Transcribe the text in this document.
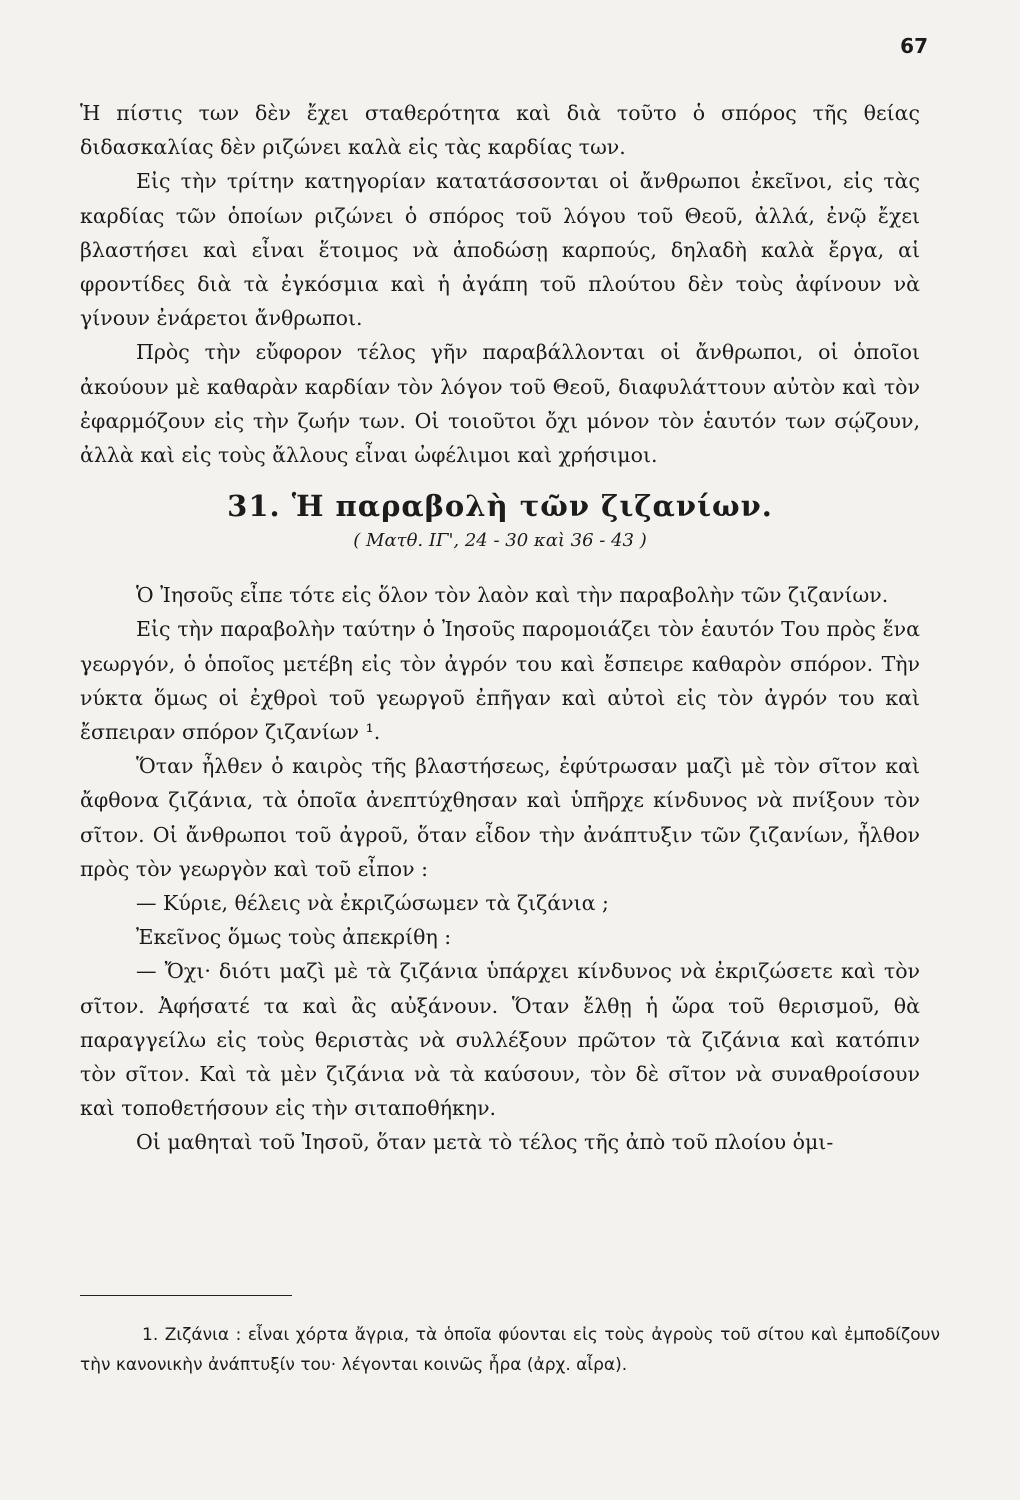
67

Ἡ πίστις των δὲν ἔχει σταθερότητα καὶ διὰ τοῦτο ὁ σπόρος τῆς θείας διδασκαλίας δὲν ριζώνει καλὰ εἰς τὰς καρδίας των.

Εἰς τὴν τρίτην κατηγορίαν κατατάσσονται οἱ ἄνθρωποι ἐκεῖνοι, εἰς τὰς καρδίας τῶν ὁποίων ριζώνει ὁ σπόρος τοῦ λόγου τοῦ Θεοῦ, ἀλλά, ἐνῷ ἔχει βλαστήσει καὶ εἶναι ἕτοιμος νὰ ἀποδώσῃ καρπούς, δηλαδὴ καλὰ ἔργα, αἱ φροντίδες διὰ τὰ ἐγκόσμια καὶ ἡ ἀγάπη τοῦ πλούτου δὲν τοὺς ἀφίνουν νὰ γίνουν ἐνάρετοι ἄνθρωποι.

Πρὸς τὴν εὔφορον τέλος γῆν παραβάλλονται οἱ ἄνθρωποι, οἱ ὁποῖοι ἀκούουν μὲ καθαρὰν καρδίαν τὸν λόγον τοῦ Θεοῦ, διαφυλάττουν αὐτὸν καὶ τὸν ἐφαρμόζουν εἰς τὴν ζωήν των. Οἱ τοιοῦτοι ὄχι μόνον τὸν ἑαυτόν των σῴζουν, ἀλλὰ καὶ εἰς τοὺς ἄλλους εἶναι ὠφέλιμοι καὶ χρήσιμοι.

31. Ἡ παραβολὴ τῶν ζιζανίων.

( Ματθ. ΙΓ', 24 - 30 καὶ 36 - 43 )

Ὁ Ἰησοῦς εἶπε τότε εἰς ὅλον τὸν λαὸν καὶ τὴν παραβολὴν τῶν ζιζανίων.

Εἰς τὴν παραβολὴν ταύτην ὁ Ἰησοῦς παρομοιάζει τὸν ἑαυτόν Του πρὸς ἕνα γεωργόν, ὁ ὁποῖος μετέβη εἰς τὸν ἀγρόν του καὶ ἔσπειρε καθαρὸν σπόρον. Τὴν νύκτα ὅμως οἱ ἐχθροὶ τοῦ γεωργοῦ ἐπῆγαν καὶ αὐτοὶ εἰς τὸν ἀγρόν του καὶ ἔσπειραν σπόρον ζιζανίων ¹.

Ὅταν ἦλθεν ὁ καιρὸς τῆς βλαστήσεως, ἐφύτρωσαν μαζὶ μὲ τὸν σῖτον καὶ ἄφθονα ζιζάνια, τὰ ὁποῖα ἀνεπτύχθησαν καὶ ὑπῆρχε κίνδυνος νὰ πνίξουν τὸν σῖτον. Οἱ ἄνθρωποι τοῦ ἀγροῦ, ὅταν εἶδον τὴν ἀνάπτυξιν τῶν ζιζανίων, ἦλθον πρὸς τὸν γεωργὸν καὶ τοῦ εἶπον :

— Κύριε, θέλεις νὰ ἐκριζώσωμεν τὰ ζιζάνια ;

Ἐκεῖνος ὅμως τοὺς ἀπεκρίθη :

— Ὄχι· διότι μαζὶ μὲ τὰ ζιζάνια ὑπάρχει κίνδυνος νὰ ἐκριζώσετε καὶ τὸν σῖτον. Ἀφήσατέ τα καὶ ἂς αὐξάνουν. Ὅταν ἔλθῃ ἡ ὥρα τοῦ θερισμοῦ, θὰ παραγγείλω εἰς τοὺς θεριστὰς νὰ συλλέξουν πρῶτον τὰ ζιζάνια καὶ κατόπιν τὸν σῖτον. Καὶ τὰ μὲν ζιζάνια νὰ τὰ καύσουν, τὸν δὲ σῖτον νὰ συναθροίσουν καὶ τοποθετήσουν εἰς τὴν σιταποθήκην.

Οἱ μαθηταὶ τοῦ Ἰησοῦ, ὅταν μετὰ τὸ τέλος τῆς ἀπὸ τοῦ πλοίου ὁμι-

1. Ζιζάνια : εἶναι χόρτα ἄγρια, τὰ ὁποῖα φύονται εἰς τοὺς ἀγροὺς τοῦ σίτου καὶ ἐμποδίζουν τὴν κανονικὴν ἀνάπτυξίν του· λέγονται κοινῶς ἦρα (ἀρχ. αἶρα).
